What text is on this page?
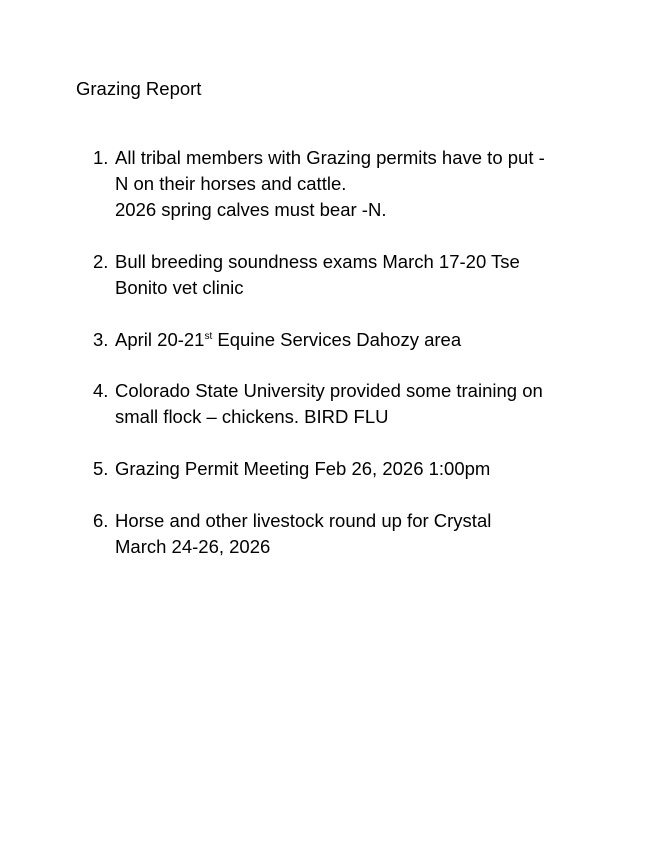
Grazing Report
1. All tribal members with Grazing permits have to put -
N on their horses and cattle.
2026 spring calves must bear -N.
2. Bull breeding soundness exams March 17-20 Tse
Bonito vet clinic
3. April 20-21st Equine Services Dahozy area
4. Colorado State University provided some training on
small flock – chickens. BIRD FLU
5. Grazing Permit Meeting Feb 26, 2026 1:00pm
6. Horse and other livestock round up for Crystal
March 24-26, 2026
